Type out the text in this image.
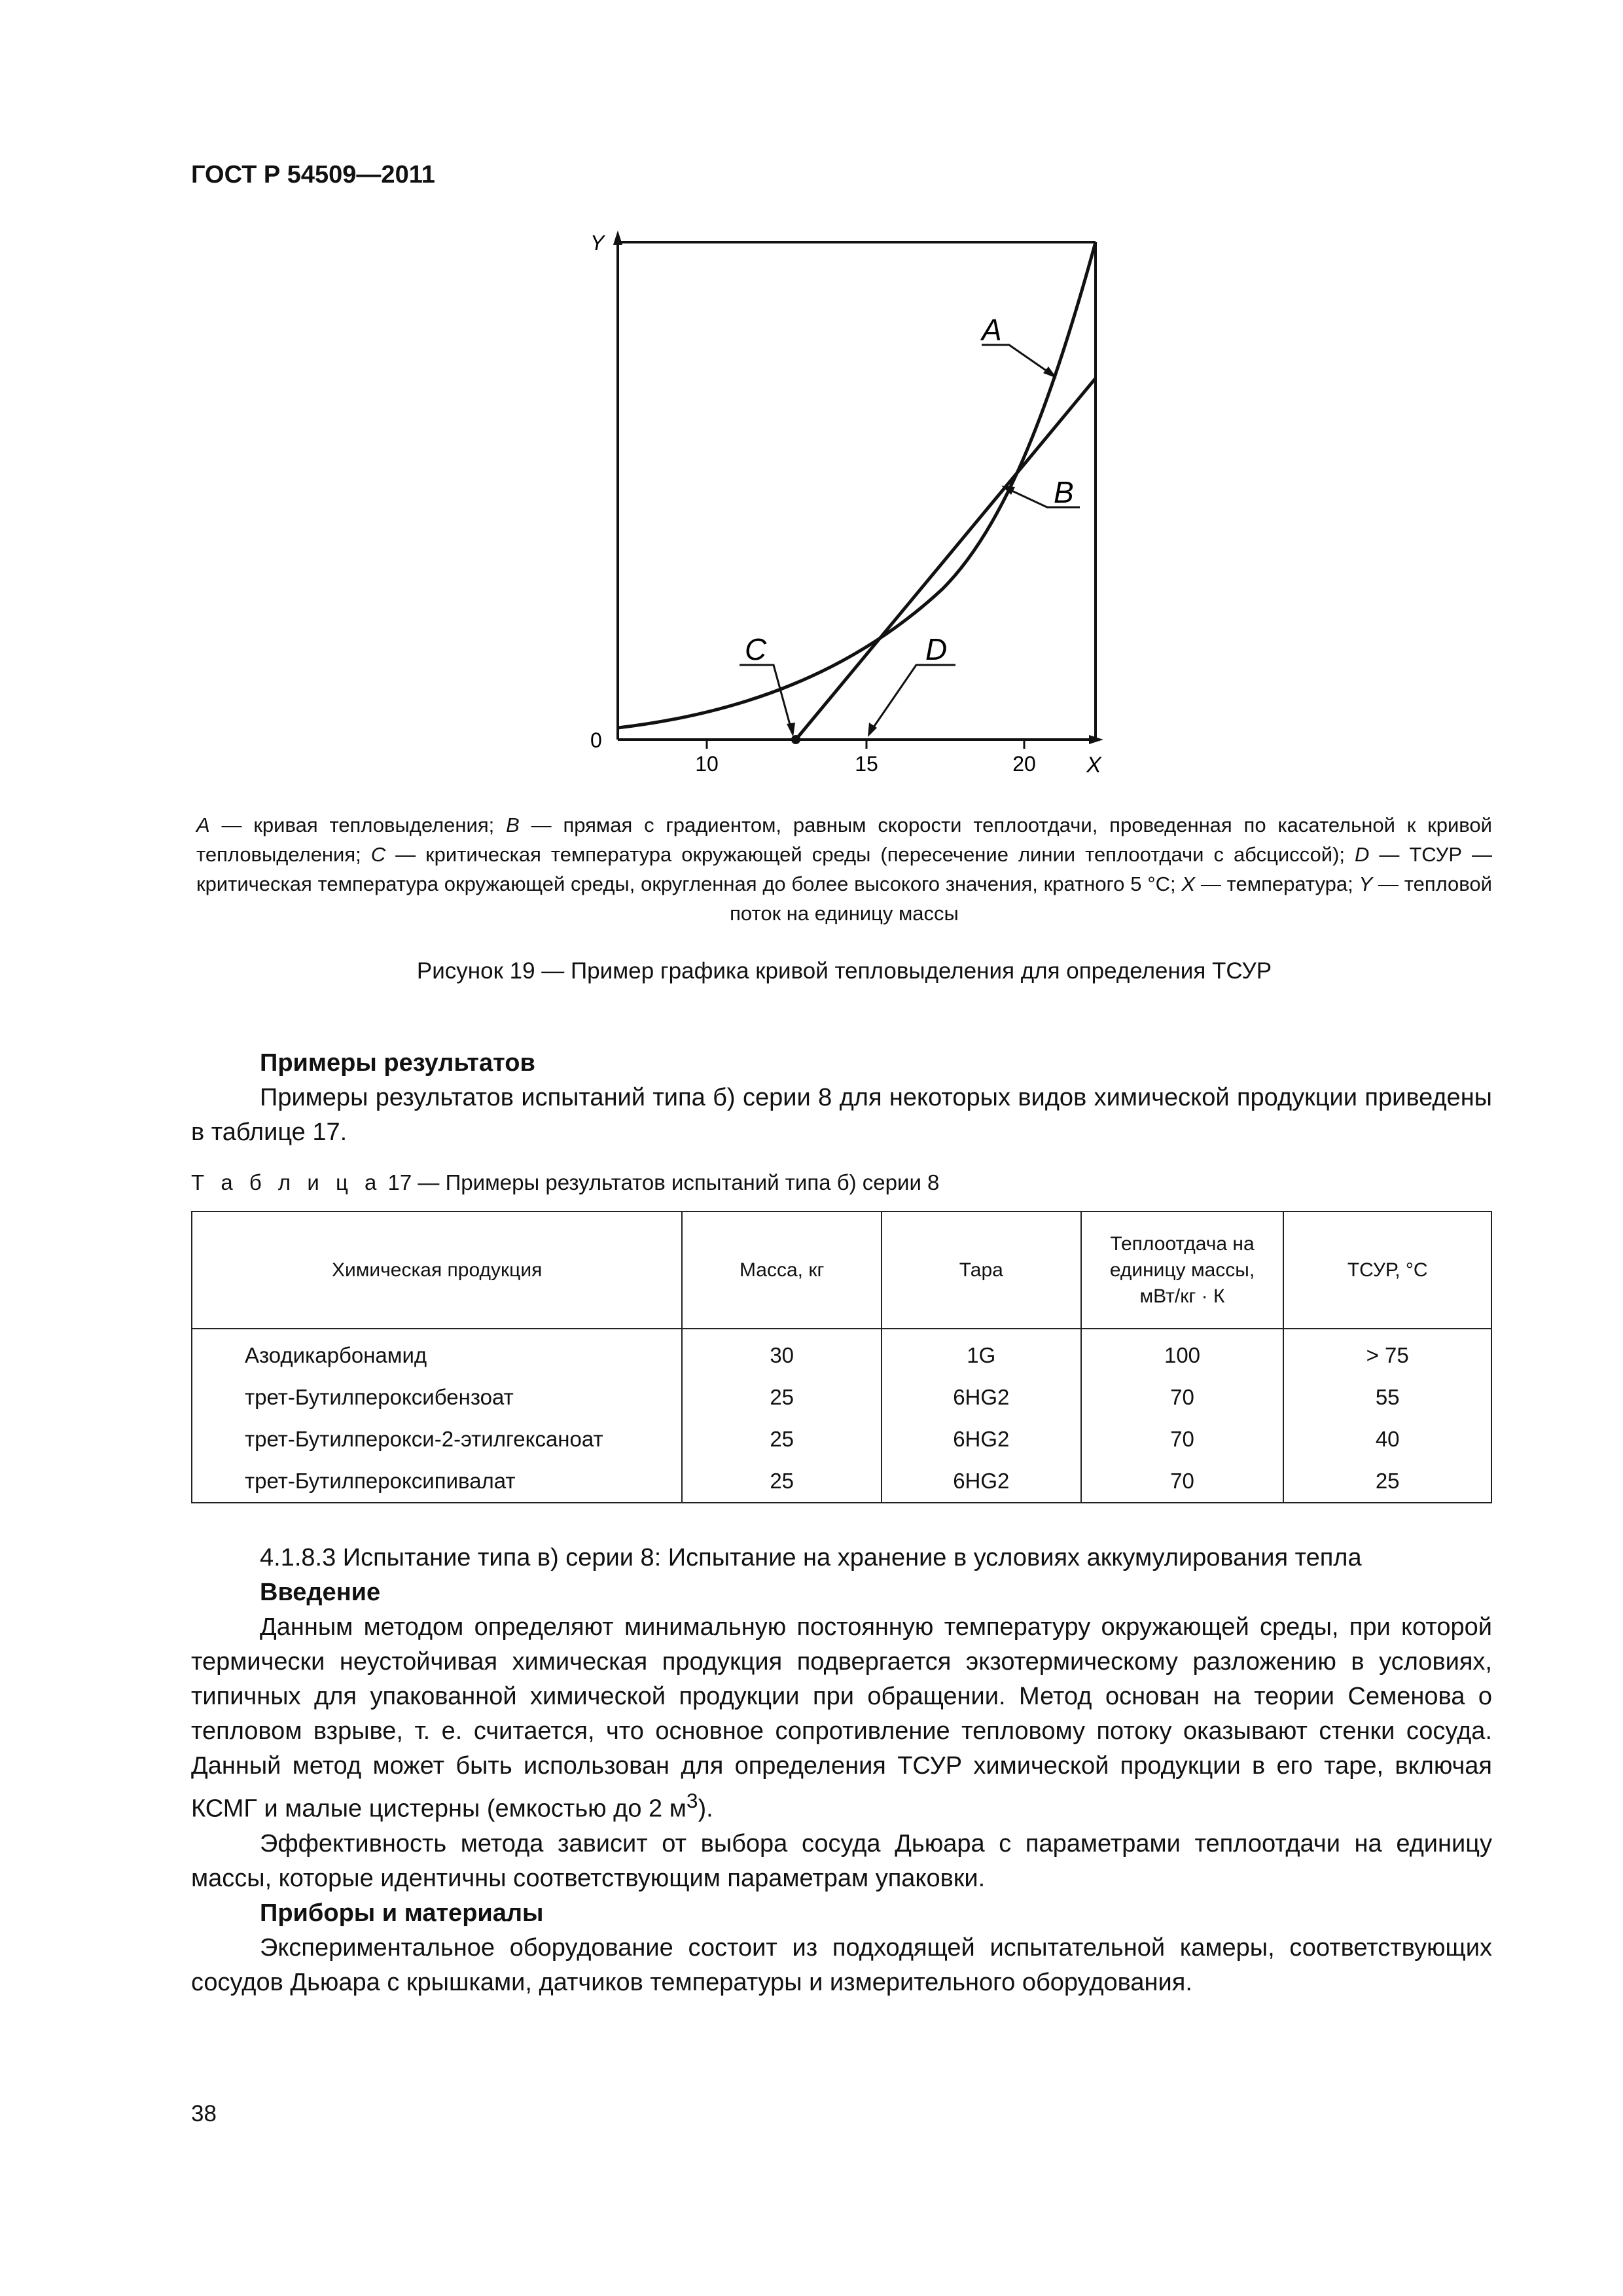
ГОСТ Р 54509—2011
10	15	20 X
Y
0
A
B
C	D
A — кривая тепловыделения; B — прямая с градиентом, равным скорости теплоотдачи, проведенная по касательной к кривой тепловыделения; C — критическая температура окружающей среды (пересечение линии теплоотдачи с абсциссой); D — ТСУР — критическая температура окружающей среды, округленная до более высокого значения, кратного 5 °С; X — температура; Y — тепловой поток на единицу массы
Рисунок 19 — Пример графика кривой тепловыделения для определения ТСУР
Примеры результатов
Примеры результатов испытаний типа б) серии 8 для некоторых видов химической продукции приведены в таблице 17.
Т а б л и ц а 17 — Примеры результатов испытаний типа б) серии 8
Химическая продукция	Масса, кг	Тара	Теплоотдача на единицу массы, мВт/кг · К	ТСУР, °С
Азодикарбонамид	30	1G	100	> 75
трет-Бутилпероксибензоат	25	6HG2	70	55
трет-Бутилперокси-2-этилгексаноат	25	6HG2	70	40
трет-Бутилпероксипивалат	25	6HG2	70	25
4.1.8.3 Испытание типа в) серии 8: Испытание на хранение в условиях аккумулирования тепла
Введение
Данным методом определяют минимальную постоянную температуру окружающей среды, при которой термически неустойчивая химическая продукция подвергается экзотермическому разложению в условиях, типичных для упакованной химической продукции при обращении. Метод основан на теории Семенова о тепловом взрыве, т. е. считается, что основное сопротивление тепловому потоку оказывают стенки сосуда. Данный метод может быть использован для определения ТСУР химической продукции в его таре, включая КСМГ и малые цистерны (емкостью до 2 $м^3$).
Эффективность метода зависит от выбора сосуда Дьюара с параметрами теплоотдачи на единицу массы, которые идентичны соответствующим параметрам упаковки.
Приборы и материалы
Экспериментальное оборудование состоит из подходящей испытательной камеры, соответствующих сосудов Дьюара с крышками, датчиков температуры и измерительного оборудования.
38
